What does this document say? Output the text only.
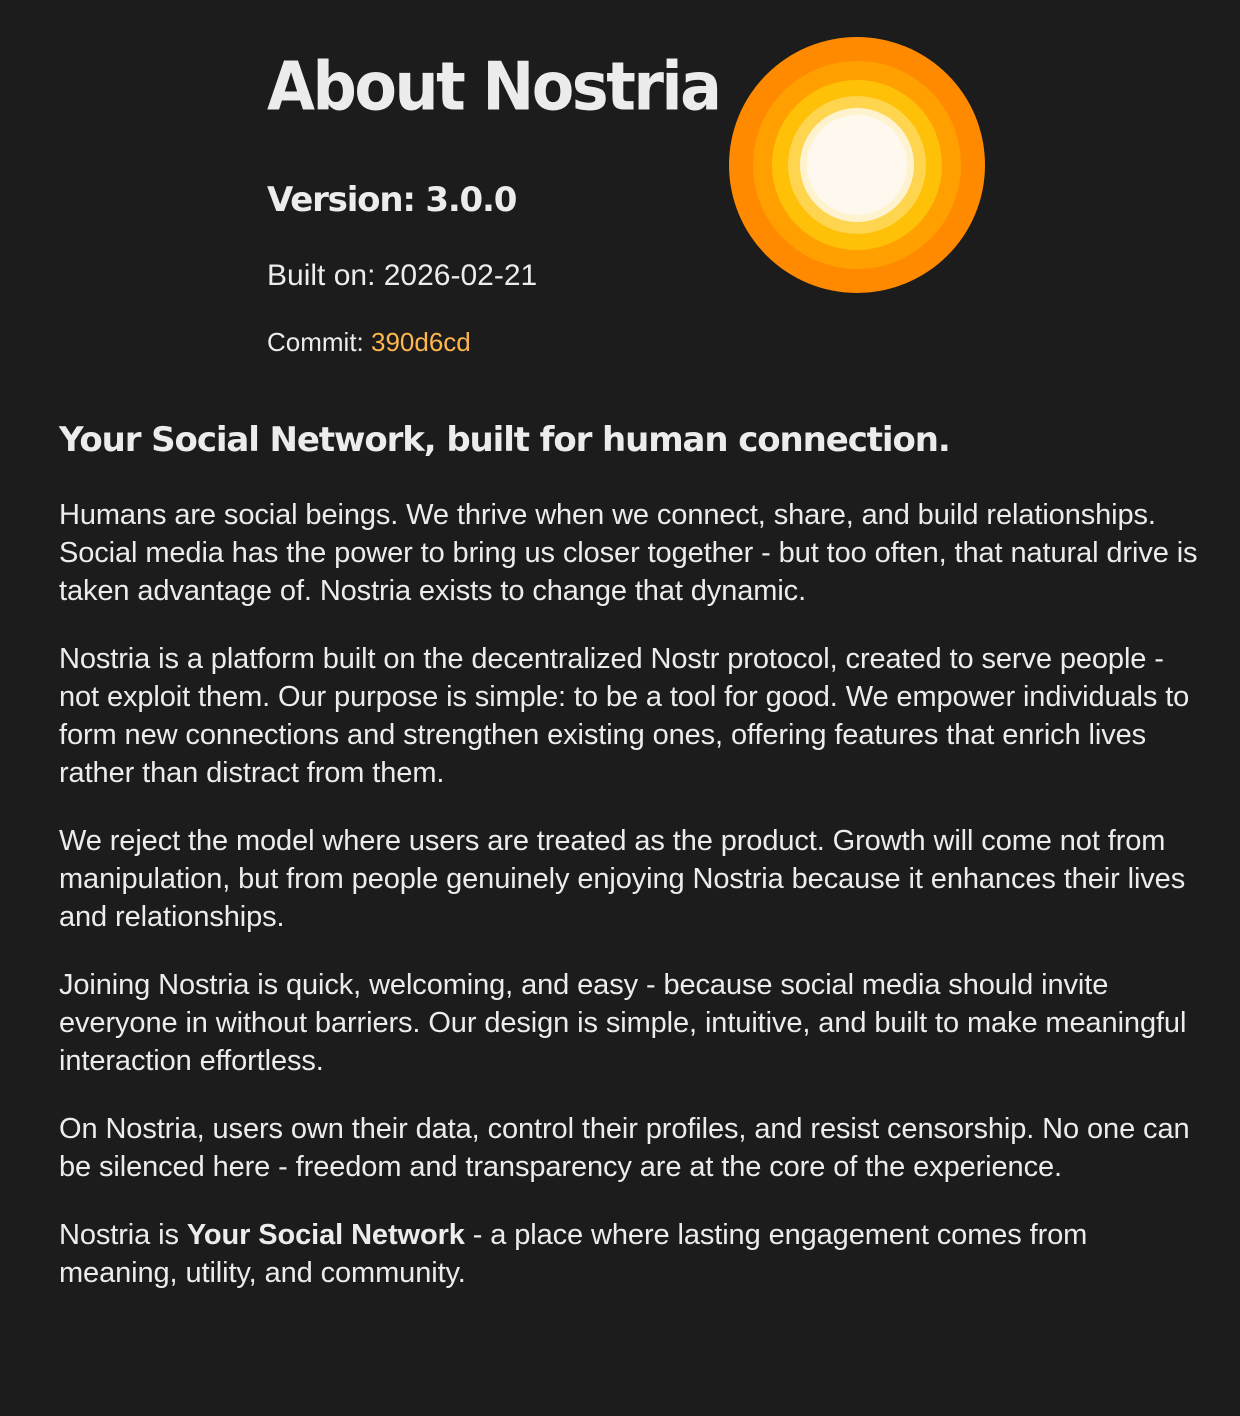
About Nostria
Version: 3.0.0
Built on: 2026-02-21
Commit: 390d6cd
Your Social Network, built for human connection.

Humans are social beings. We thrive when we connect, share, and build relationships. Social media has the power to bring us closer together - but too often, that natural drive is taken advantage of. Nostria exists to change that dynamic.

Nostria is a platform built on the decentralized Nostr protocol, created to serve people - not exploit them. Our purpose is simple: to be a tool for good. We empower individuals to form new connections and strengthen existing ones, offering features that enrich lives rather than distract from them.

We reject the model where users are treated as the product. Growth will come not from manipulation, but from people genuinely enjoying Nostria because it enhances their lives and relationships.

Joining Nostria is quick, welcoming, and easy - because social media should invite everyone in without barriers. Our design is simple, intuitive, and built to make meaningful interaction effortless.

On Nostria, users own their data, control their profiles, and resist censorship. No one can be silenced here - freedom and transparency are at the core of the experience.

Nostria is Your Social Network - a place where lasting engagement comes from meaning, utility, and community.
